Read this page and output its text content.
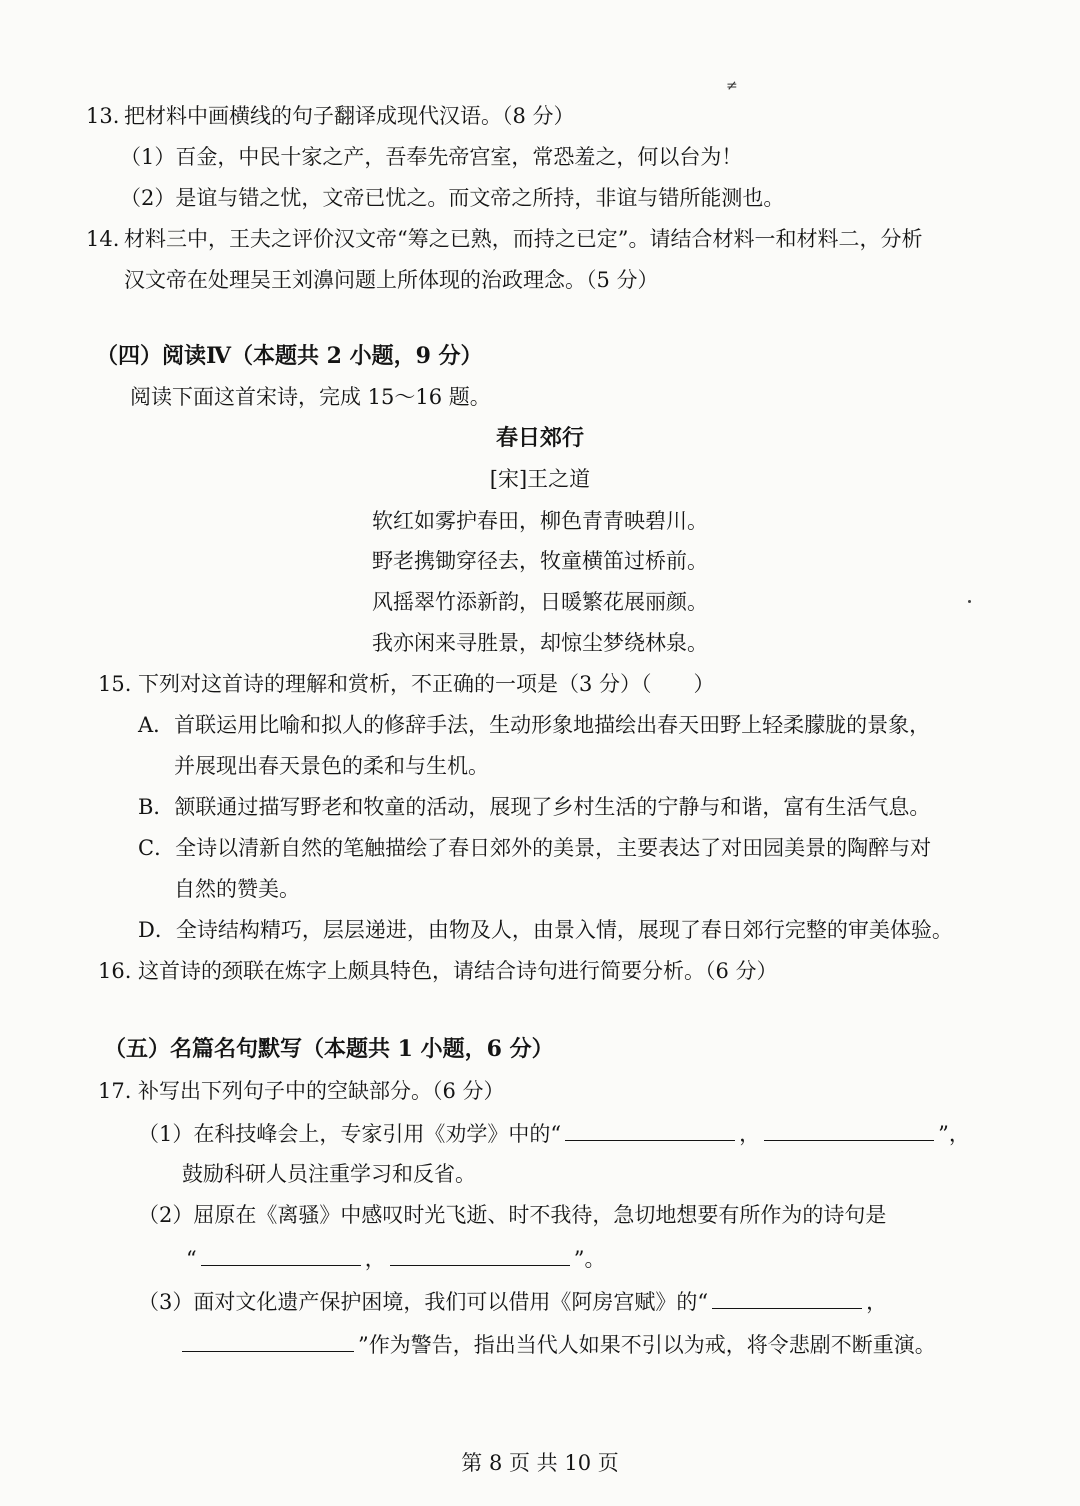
≠
13. 把材料中画横线的句子翻译成现代汉语。（8 分）
（1）百金，中民十家之产，吾奉先帝宫室，常恐羞之，何以台为！
（2）是谊与错之忧，文帝已忧之。而文帝之所持，非谊与错所能测也。
14. 材料三中，王夫之评价汉文帝“筹之已熟，而持之已定”。请结合材料一和材料二，分析
汉文帝在处理吴王刘濞问题上所体现的治政理念。（5 分）
（四）阅读Ⅳ（本题共 2 小题，9 分）
阅读下面这首宋诗，完成 15～16 题。
春日郊行
[宋]王之道
软红如雾护春田，柳色青青映碧川。
野老携锄穿径去，牧童横笛过桥前。
风摇翠竹添新韵，日暖繁花展丽颜。
我亦闲来寻胜景，却惊尘梦绕林泉。
15. 下列对这首诗的理解和赏析，不正确的一项是（3 分）（　　）
A．首联运用比喻和拟人的修辞手法，生动形象地描绘出春天田野上轻柔朦胧的景象，
并展现出春天景色的柔和与生机。
B．颔联通过描写野老和牧童的活动，展现了乡村生活的宁静与和谐，富有生活气息。
C．全诗以清新自然的笔触描绘了春日郊外的美景，主要表达了对田园美景的陶醉与对
自然的赞美。
D．全诗结构精巧，层层递进，由物及人，由景入情，展现了春日郊行完整的审美体验。
16. 这首诗的颈联在炼字上颇具特色，请结合诗句进行简要分析。（6 分）
（五）名篇名句默写（本题共 1 小题，6 分）
17. 补写出下列句子中的空缺部分。（6 分）
（1）在科技峰会上，专家引用《劝学》中的“	，	”，
鼓励科研人员注重学习和反省。
（2）屈原在《离骚》中感叹时光飞逝、时不我待，急切地想要有所作为的诗句是
“	，	”。
（3）面对文化遗产保护困境，我们可以借用《阿房宫赋》的“	，
”作为警告，指出当代人如果不引以为戒，将令悲剧不断重演。
第 8 页 共 10 页
